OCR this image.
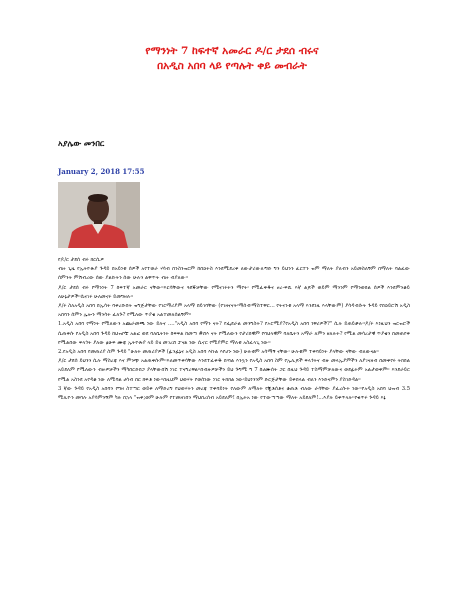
የማንነት 7 ከፍተኛ አመራር ዶ/ር ታደሰ ብሩና
በአዲስ አበባ ላይ የጣሉት ቀይ መብራት
አያሌው መንበር
January 2, 2018 17:55

የዶ/ር ታደሰ ብሩ ክርሲዎ

ብዙ ጊዜ የኢትዮጵያ ጉዳይ በአይነቱ ሰዎች አየተወራ ሃሳብ በንስንዝርም ከበኃትስ እንደሚደረቅ ለውታሪውለ፡ግድ ግን ይህንን ፈርተን ዝም ማለት ያለብን አይመስለኝም በማለት ባልፈው ሰምንት ምሽብረው ሰው ያልኩትን ሰው ሁሉን ልዋጥት ብዙ ብያለው፡፡

ዶ/ር ታደሰ ብሩ የማንነት 7 ከፍተኛ አመራር ናቸው፡፡እርሳቸውና ጓደኞቻቸው የሚናገሩትን ማየት፡ የሚፈቅዱና ፀረ-ፍሺ እኛ ልጆች ወይም ማንንም የማንወክል ሰዎች እንደምንቆይ ለሁኔታዎች፡፡ሲናገሩ ሁለመኖሩ ይመግዛሉ፡፡

ዶ/ሩ ስለአዲስ አበባ በኢሳት ባቀረቡበት ዝግጅታቸው የገርማሪያም አላማ በይገባቸው (የገዛናናት፡ማሰብ፡ማስተዋር... የትናንቱ አላማ እንደነዚ እላቸውም) ያሳዳብሱት ጉዳይ የበኃይሮሽ አዲስ አበባን ሰምን ሌሎን ማንሳት ፈለጉ? የሚለው ጥያቄ አልተመለሰልኝም።

1.አዲስ አበባ የማነት የሚለውን አጨራመጫ ነው ይሉና ...."አዲስ አበባ የማን ናት? የፌደራል መንግስት? የኦሮሚያ?የአዲስ አበባ ነዋሪዎች?" ሲሉ ይጠይቃሉ፡፡ዶ/ሩ እነዚህን ዝርዝሮች ሲጠቅሱ የአዲስ አበባ ጉዳይ ከህዝቦቿ አልፎ ወደ ባለቤትነት ከፍፍል ከመጣ #ሸእ ናት የሚለውን የታሪክዊም የባህላዊም ባለቤትን አማራ ለምን ዘለሉት? የሚል መሳረታዊ ጥያቄን በመጠየቅ የሚልበው ፍላጎት ያለው ፅሁፍ ሙጃ ኢትዮጵያ ላይ ይሄ መገረሸ ፓናል ነው ሲኖር የሚያምር ማለቱ አስፈላጊ ነው።

2.የአዲስ አበባ የመጠሪያ ስም ጉዳይ "ሁለት መጠሪያዎች (ፊንፊኔና አዲስ አበባ እኩል እየሆኑ ነው) ሁሉቱም አሳማኝ ናቸው፡ ሁሉቱም ተቀባይነት ያላቸው ናቸው ብለውናል።

ዶ/ር ታደሰ ይህንን ሲሉ ማስረጃ እና ምንጭ አልጠቀሱም፡፡እለመጥቀሳቸው እንደተፈቀዱ በ፡ባል እንኳን የአዲስ አበባ ስም የኢሊጆች ፍላጎትና ብዙ መላኢያምችን ለያገናዘብ በመቀየሩ ትክክል አይደለም የሚለውን ብዙዎቻችን ማካበርድበጋ ያላቸውበሽ ነገር ተናግረዋል።በብዙዎቻችን ይህ ጉግሚ ግ 7 ከሀሙሰት ጋር በዚህ ጉዳይ ተስማምቻለውና ወደፊትም አልታወቅም። እንደራይር የሚል አስንደ አየዳቆ ነው ለሚባል ሀሳብ በር ክፍቶ ነው፡፡በዚህም ህወሃት የወሰነው ነገር ትክክል ነው፡ይህነንንም ድርጅታቸው ይቀበላል ብለን እንድናምን ያስገድዳል።

3 ኛው ጉዳይ የአዲስ አበባን የግዛ ስተጣር ወይቅ ለማድረግ የህወሃትን መረጃ ተቀባይነት የለውም ለማለት የጂቶሰቶና ቆጠቶ ብለው ራሳቸው ያፈረሱት ነው፡፡የአዲስ አበባ ህዝብ 3.5 ሚሊዮን መባሉ አያሳምንኝም ካሉ በኋላ "ዝቅ;ወም ሁሉም የተመዘገበን ማህበረሰብ አይደለም! በኢትአ ነው የተውጣጣው ማለት አይደለም!...እያሉ ይቀጥላሉ፡፡የቁጥሩ ጉዳይ እኔ
